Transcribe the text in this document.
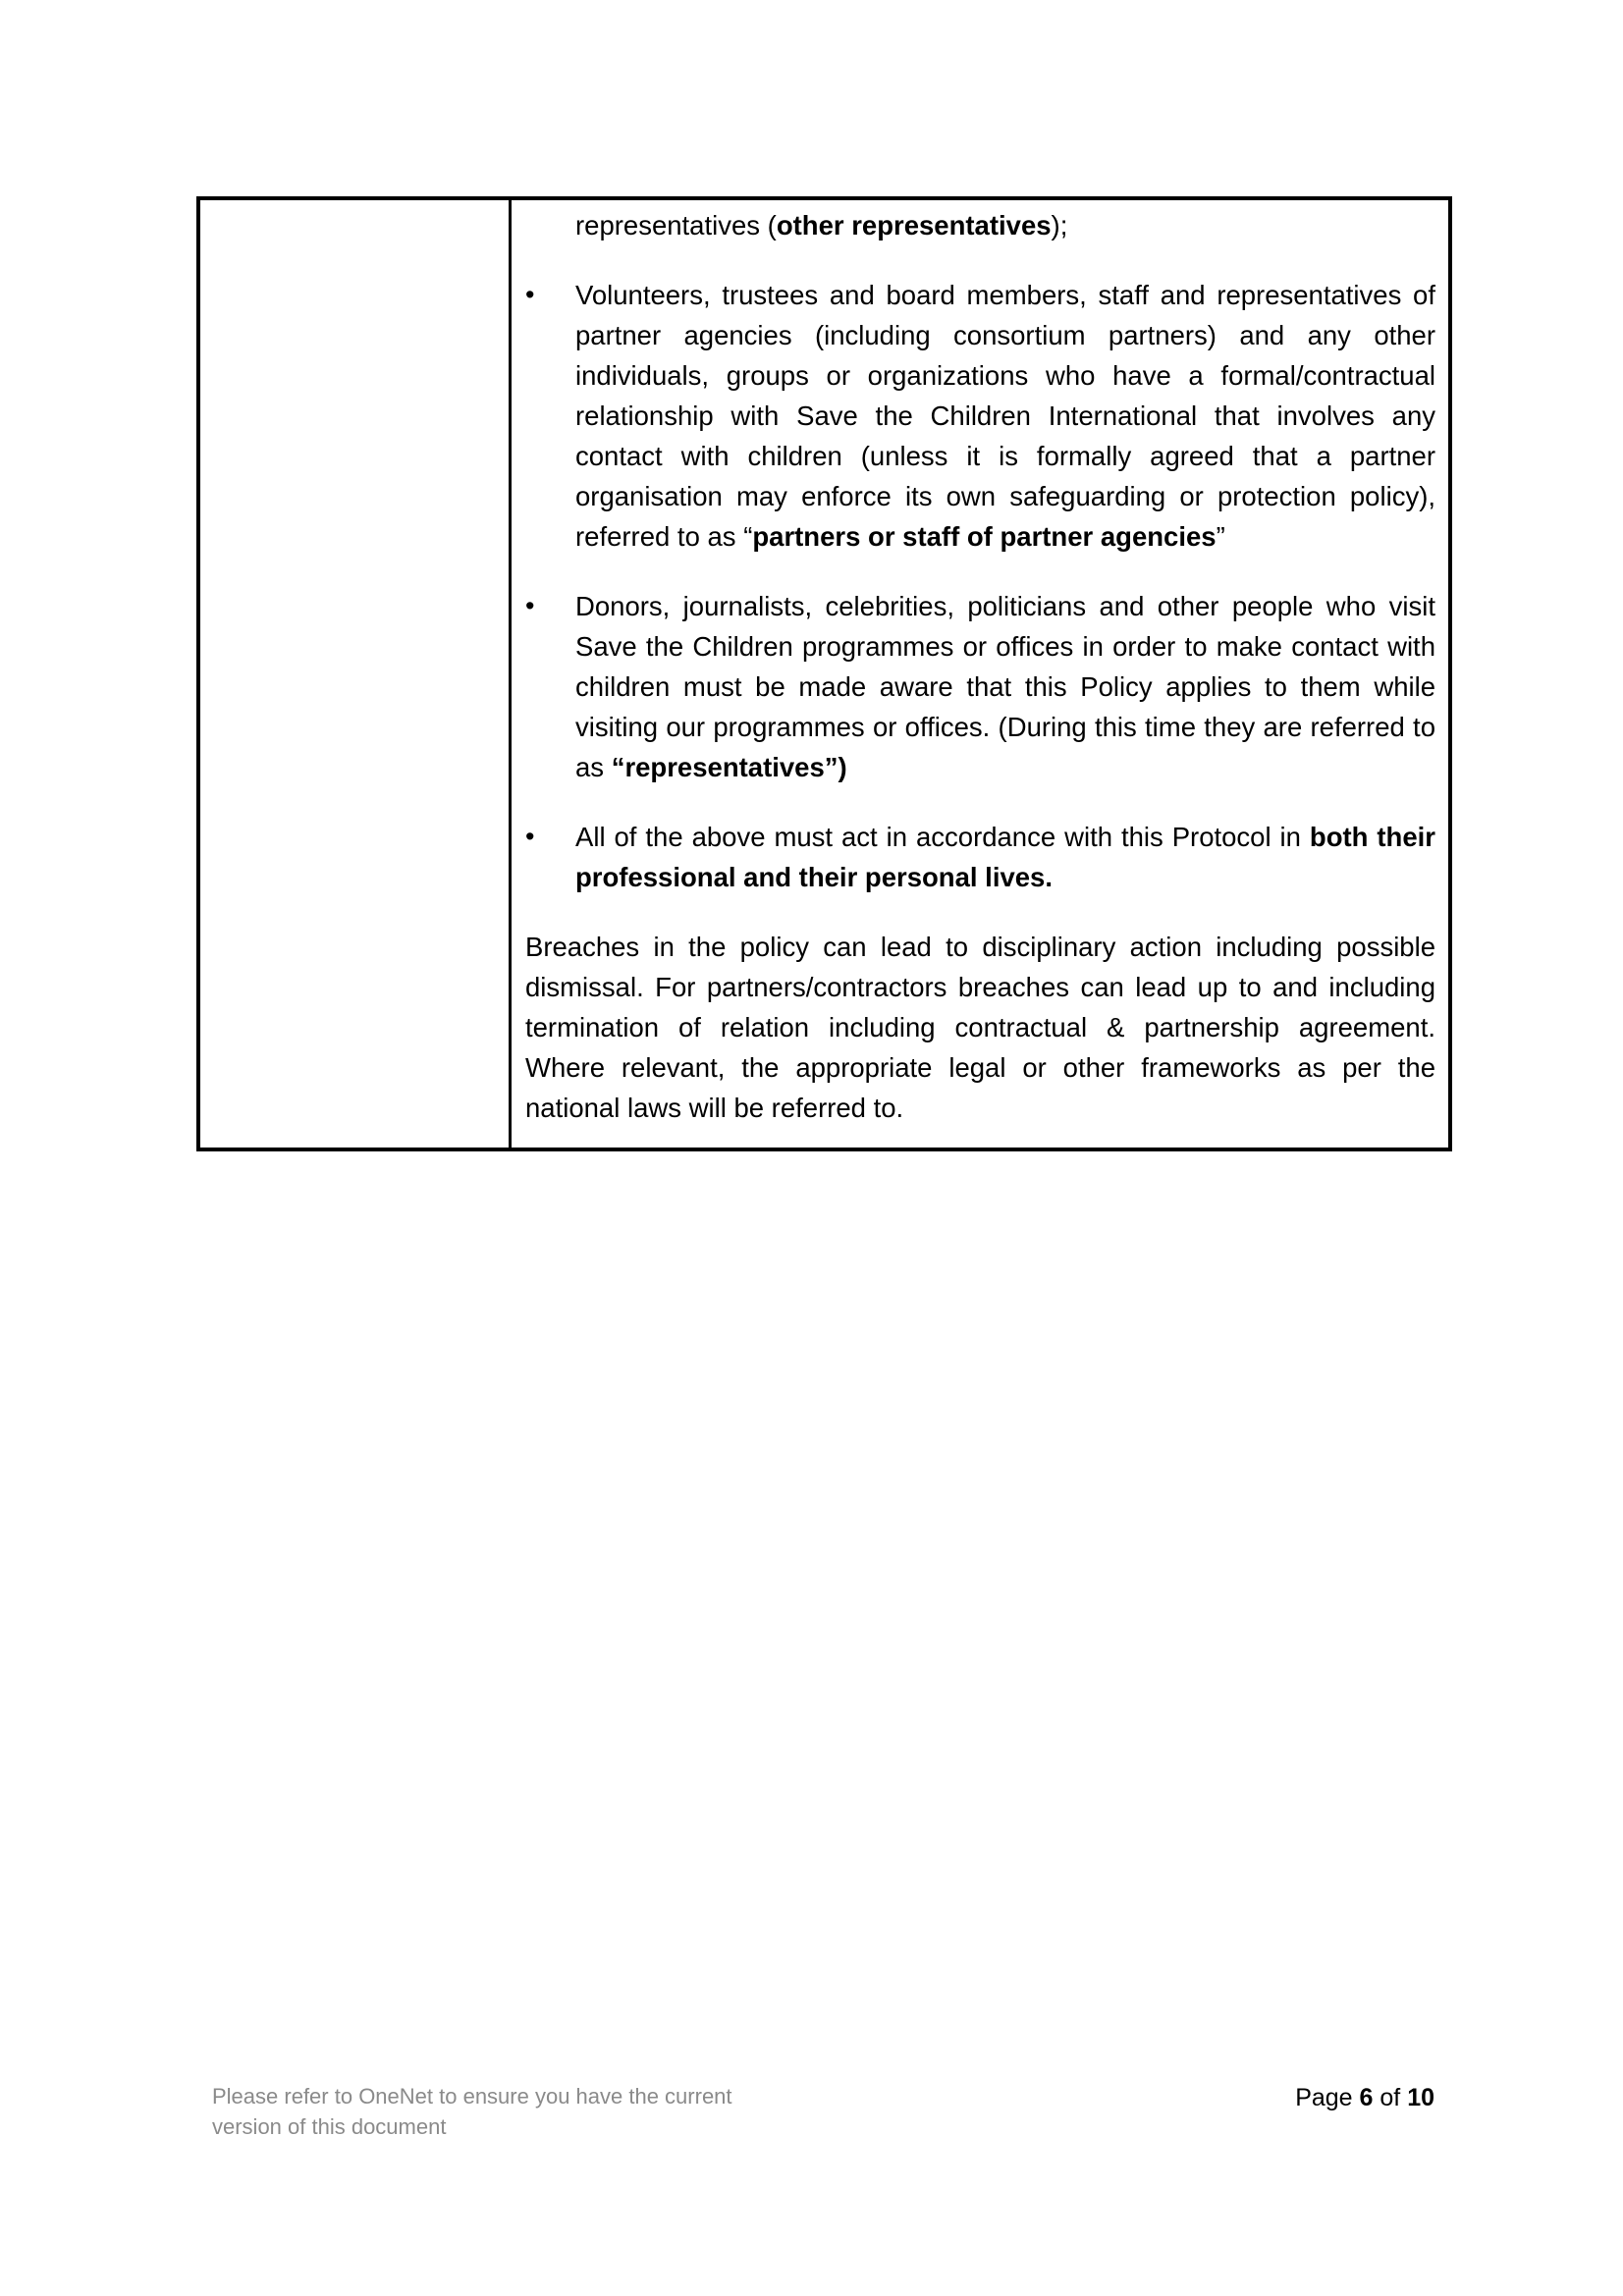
representatives (other representatives);
•	Volunteers, trustees and board members, staff and representatives of partner agencies (including consortium partners) and any other individuals, groups or organizations who have a formal/contractual relationship with Save the Children International that involves any contact with children (unless it is formally agreed that a partner organisation may enforce its own safeguarding or protection policy), referred to as “partners or staff of partner agencies”
•	Donors, journalists, celebrities, politicians and other people who visit Save the Children programmes or offices in order to make contact with children must be made aware that this Policy applies to them while visiting our programmes or offices. (During this time they are referred to as “representatives”)
•	All of the above must act in accordance with this Protocol in both their professional and their personal lives.

Breaches in the policy can lead to disciplinary action including possible dismissal. For partners/contractors breaches can lead up to and including termination of relation including contractual & partnership agreement. Where relevant, the appropriate legal or other frameworks as per the national laws will be referred to.

Please refer to OneNet to ensure you have the current
version of this document
Page 6 of 10
